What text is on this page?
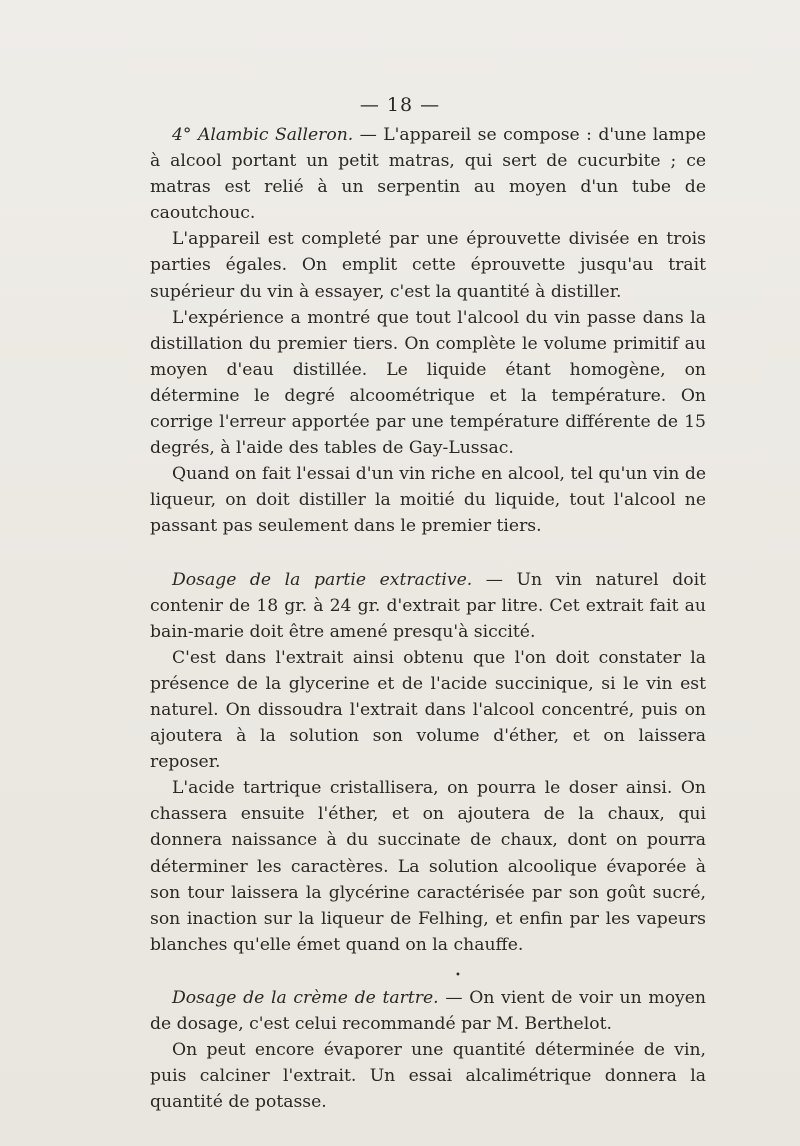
— 18 —

4° Alambic Salleron. — L'appareil se compose : d'une lampe à alcool portant un petit matras, qui sert de cucurbite ; ce matras est relié à un serpentin au moyen d'un tube de caoutchouc.

L'appareil est completé par une éprouvette divisée en trois parties égales. On emplit cette éprouvette jusqu'au trait supérieur du vin à essayer, c'est la quantité à distiller.

L'expérience a montré que tout l'alcool du vin passe dans la distillation du premier tiers. On complète le volume primitif au moyen d'eau distillée. Le liquide étant homogène, on détermine le degré alcoométrique et la température. On corrige l'erreur apportée par une température différente de 15 degrés, à l'aide des tables de Gay-Lussac.

Quand on fait l'essai d'un vin riche en alcool, tel qu'un vin de liqueur, on doit distiller la moitié du liquide, tout l'alcool ne passant pas seulement dans le premier tiers.

Dosage de la partie extractive. — Un vin naturel doit contenir de 18 gr. à 24 gr. d'extrait par litre. Cet extrait fait au bain-marie doit être amené presqu'à siccité.

C'est dans l'extrait ainsi obtenu que l'on doit constater la présence de la glycerine et de l'acide succinique, si le vin est naturel. On dissoudra l'extrait dans l'alcool concentré, puis on ajoutera à la solution son volume d'éther, et on laissera reposer.

L'acide tartrique cristallisera, on pourra le doser ainsi. On chassera ensuite l'éther, et on ajoutera de la chaux, qui donnera naissance à du succinate de chaux, dont on pourra déterminer les caractères. La solution alcoolique évaporée à son tour laissera la glycérine caractérisée par son goût sucré, son inaction sur la liqueur de Felhing, et enfin par les vapeurs blanches qu'elle émet quand on la chauffe.

Dosage de la crème de tartre. — On vient de voir un moyen de dosage, c'est celui recommandé par M. Berthelot.

On peut encore évaporer une quantité déterminée de vin, puis calciner l'extrait. Un essai alcalimétrique donnera la quantité de potasse.

•
